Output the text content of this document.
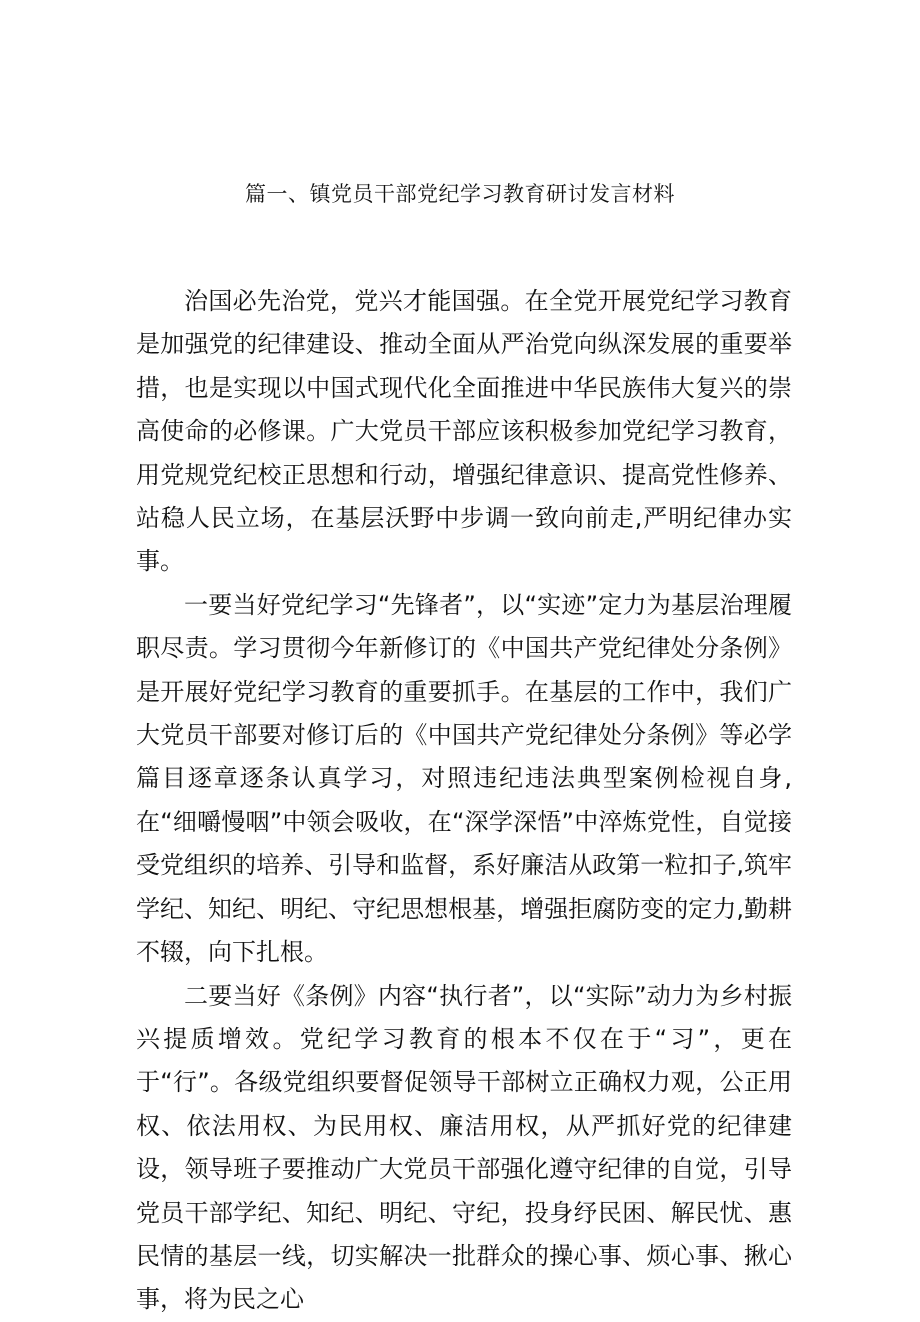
篇一、镇党员干部党纪学习教育研讨发言材料

治国必先治党，党兴才能国强。在全党开展党纪学习教育是加强党的纪律建设、推动全面从严治党向纵深发展的重要举措，也是实现以中国式现代化全面推进中华民族伟大复兴的崇高使命的必修课。广大党员干部应该积极参加党纪学习教育，用党规党纪校正思想和行动，增强纪律意识、提高党性修养、站稳人民立场，在基层沃野中步调一致向前走,严明纪律办实事。

一要当好党纪学习“先锋者”，以“实迹”定力为基层治理履职尽责。学习贯彻今年新修订的《中国共产党纪律处分条例》是开展好党纪学习教育的重要抓手。在基层的工作中，我们广大党员干部要对修订后的《中国共产党纪律处分条例》等必学篇目逐章逐条认真学习，对照违纪违法典型案例检视自身,在“细嚼慢咽”中领会吸收，在“深学深悟”中淬炼党性，自觉接受党组织的培养、引导和监督，系好廉洁从政第一粒扣子,筑牢学纪、知纪、明纪、守纪思想根基，增强拒腐防变的定力,勤耕不辍，向下扎根。

二要当好《条例》内容“执行者”，以“实际”动力为乡村振兴提质增效。党纪学习教育的根本不仅在于“习”，更在于“行”。各级党组织要督促领导干部树立正确权力观，公正用权、依法用权、为民用权、廉洁用权，从严抓好党的纪律建设，领导班子要推动广大党员干部强化遵守纪律的自觉，引导党员干部学纪、知纪、明纪、守纪，投身纾民困、解民忧、惠民情的基层一线，切实解决一批群众的操心事、烦心事、揪心事，将为民之心
